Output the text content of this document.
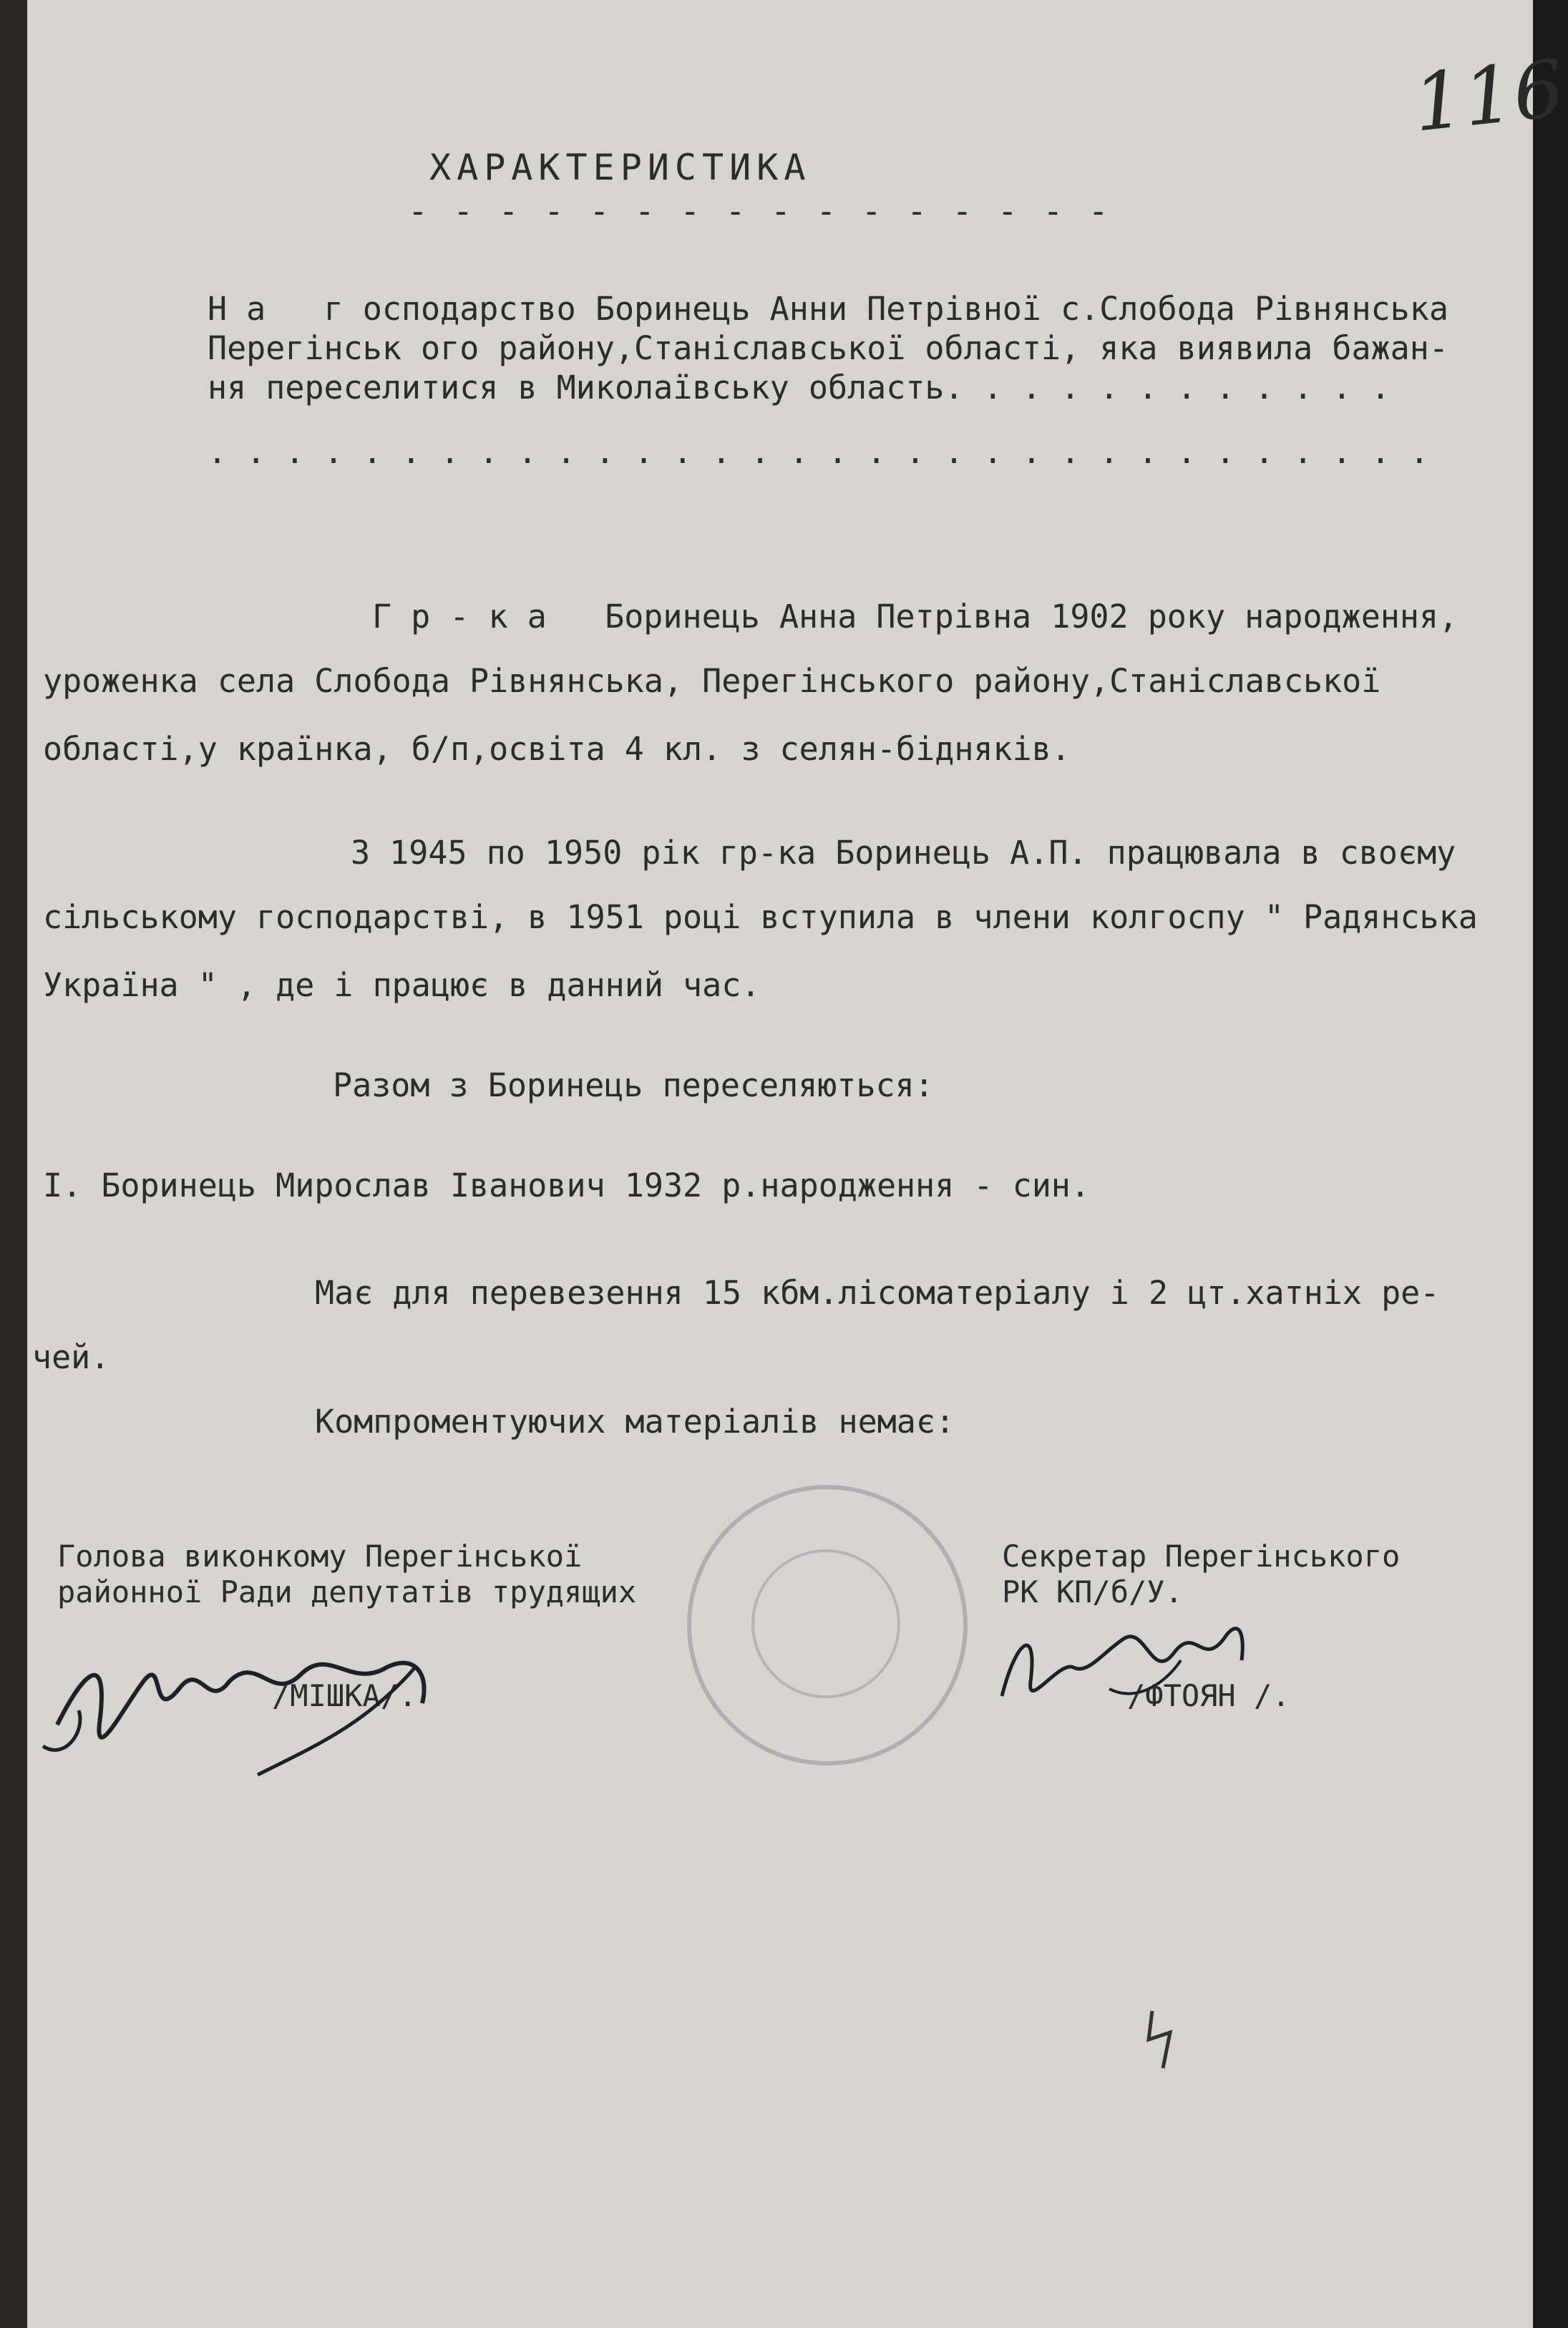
116
ХАРАКТЕРИСТИКА
- - - - - - - - - - - - - - - -
Н а   г осподарство Боринець Анни Петрівної с.Слобода Рівнянська
Перегінськ ого району,Станіславської області, яка виявила бажан-
ня переселитися в Миколаївську область. . . . . . . . . . . .
. . . . . . . . . . . . . . . . . . . . . . . . . . . . . . . .
Г р - к а   Боринець Анна Петрівна 1902 року народження,
уроженка села Слобода Рівнянська, Перегінського району,Станіславської
області,у країнка, б/п,освіта 4 кл. з селян-бідняків.
З 1945 по 1950 рік гр-ка Боринець А.П. працювала в своєму
сільському господарстві, в 1951 році вступила в члени колгоспу " Радянська
Україна " , де і працює в данний час.
Разом з Боринець переселяються:
І. Боринець Мирослав Іванович 1932 р.народження - син.
Має для перевезення 15 кбм.лісоматеріалу і 2 цт.хатніх ре-
чей.
Компроментуючих матеріалів немає:
Голова виконкому Перегінської
районної Ради депутатів трудящих
/МІШКА/.
Секретар Перегінського
РК КП/б/У.
/ФТОЯН /.
